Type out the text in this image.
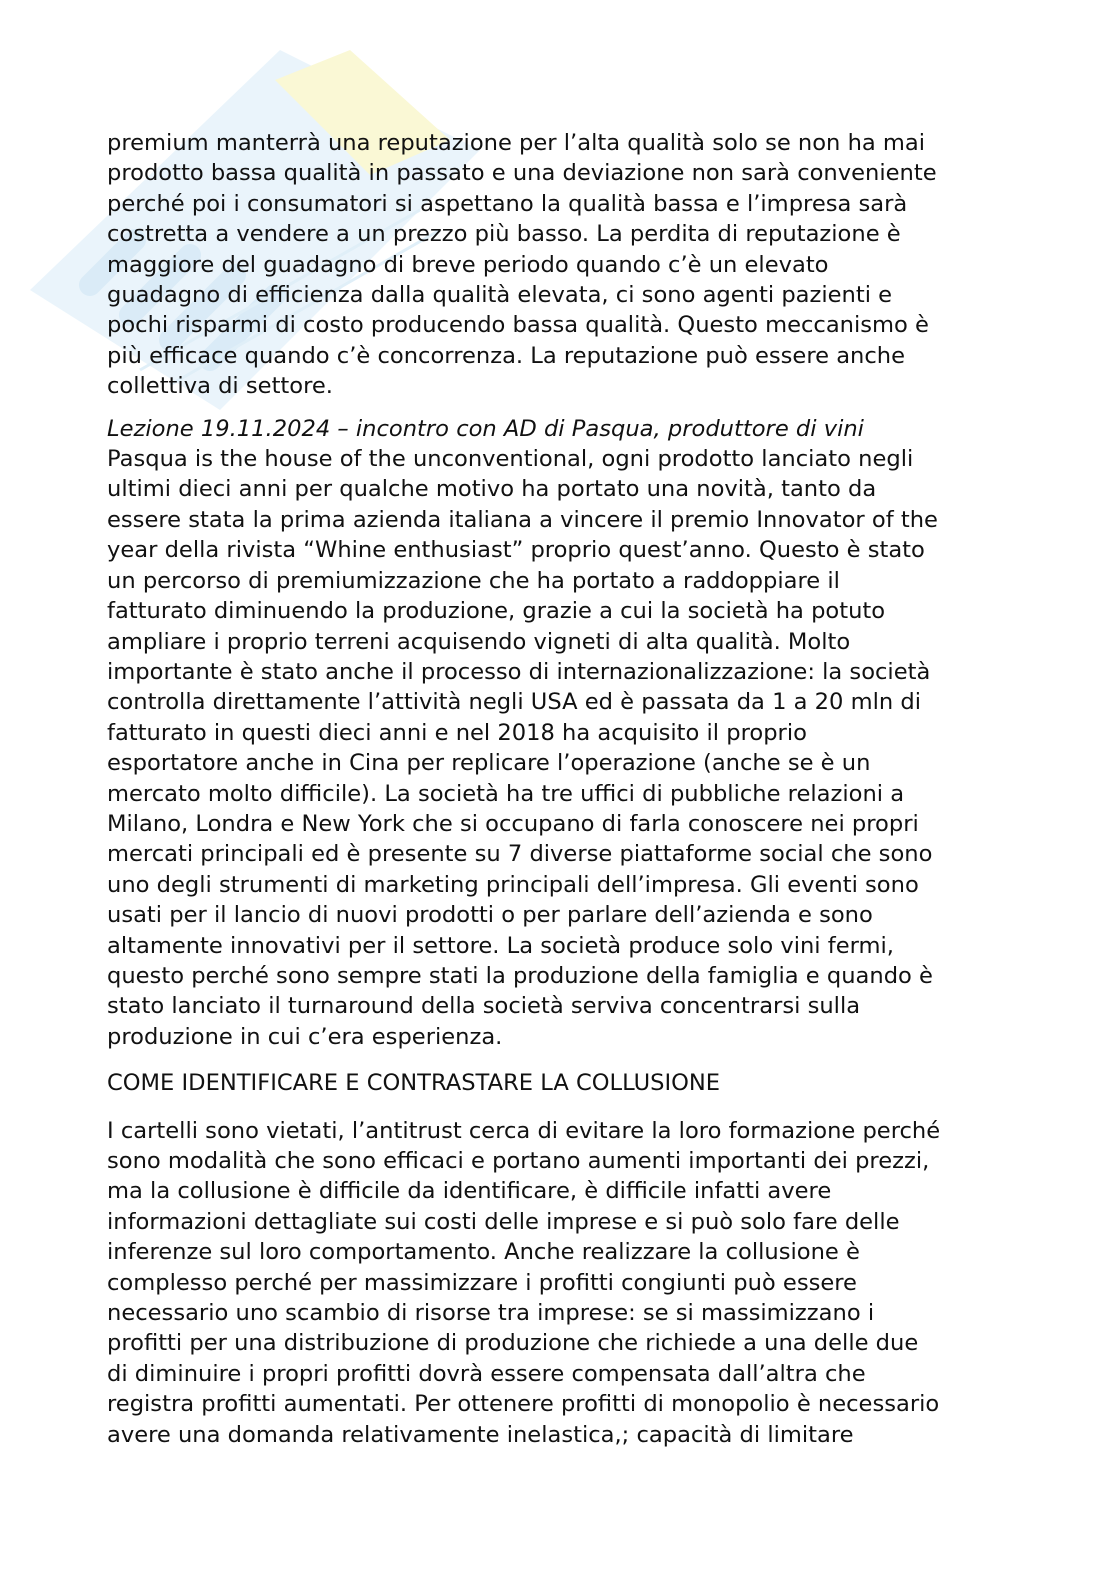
premium manterrà una reputazione per l’alta qualità solo se non ha mai

prodotto bassa qualità in passato e una deviazione non sarà conveniente

perché poi i consumatori si aspettano la qualità bassa e l’impresa sarà

costretta a vendere a un prezzo più basso. La perdita di reputazione è

maggiore del guadagno di breve periodo quando c’è un elevato

guadagno di efficienza dalla qualità elevata, ci sono agenti pazienti e

pochi risparmi di costo producendo bassa qualità. Questo meccanismo è

più efficace quando c’è concorrenza. La reputazione può essere anche

collettiva di settore.

Lezione 19.11.2024 – incontro con AD di Pasqua, produttore di vini

Pasqua is the house of the unconventional, ogni prodotto lanciato negli

ultimi dieci anni per qualche motivo ha portato una novità, tanto da

essere stata la prima azienda italiana a vincere il premio Innovator of the

year della rivista “Whine enthusiast” proprio quest’anno. Questo è stato

un percorso di premiumizzazione che ha portato a raddoppiare il

fatturato diminuendo la produzione, grazie a cui la società ha potuto

ampliare i proprio terreni acquisendo vigneti di alta qualità. Molto

importante è stato anche il processo di internazionalizzazione: la società

controlla direttamente l’attività negli USA ed è passata da 1 a 20 mln di

fatturato in questi dieci anni e nel 2018 ha acquisito il proprio

esportatore anche in Cina per replicare l’operazione (anche se è un

mercato molto difficile). La società ha tre uffici di pubbliche relazioni a

Milano, Londra e New York che si occupano di farla conoscere nei propri

mercati principali ed è presente su 7 diverse piattaforme social che sono

uno degli strumenti di marketing principali dell’impresa. Gli eventi sono

usati per il lancio di nuovi prodotti o per parlare dell’azienda e sono

altamente innovativi per il settore. La società produce solo vini fermi,

questo perché sono sempre stati la produzione della famiglia e quando è

stato lanciato il turnaround della società serviva concentrarsi sulla

produzione in cui c’era esperienza.

COME IDENTIFICARE E CONTRASTARE LA COLLUSIONE

I cartelli sono vietati, l’antitrust cerca di evitare la loro formazione perché

sono modalità che sono efficaci e portano aumenti importanti dei prezzi,

ma la collusione è difficile da identificare, è difficile infatti avere

informazioni dettagliate sui costi delle imprese e si può solo fare delle

inferenze sul loro comportamento. Anche realizzare la collusione è

complesso perché per massimizzare i profitti congiunti può essere

necessario uno scambio di risorse tra imprese: se si massimizzano i

profitti per una distribuzione di produzione che richiede a una delle due

di diminuire i propri profitti dovrà essere compensata dall’altra che

registra profitti aumentati. Per ottenere profitti di monopolio è necessario

avere una domanda relativamente inelastica,; capacità di limitare
